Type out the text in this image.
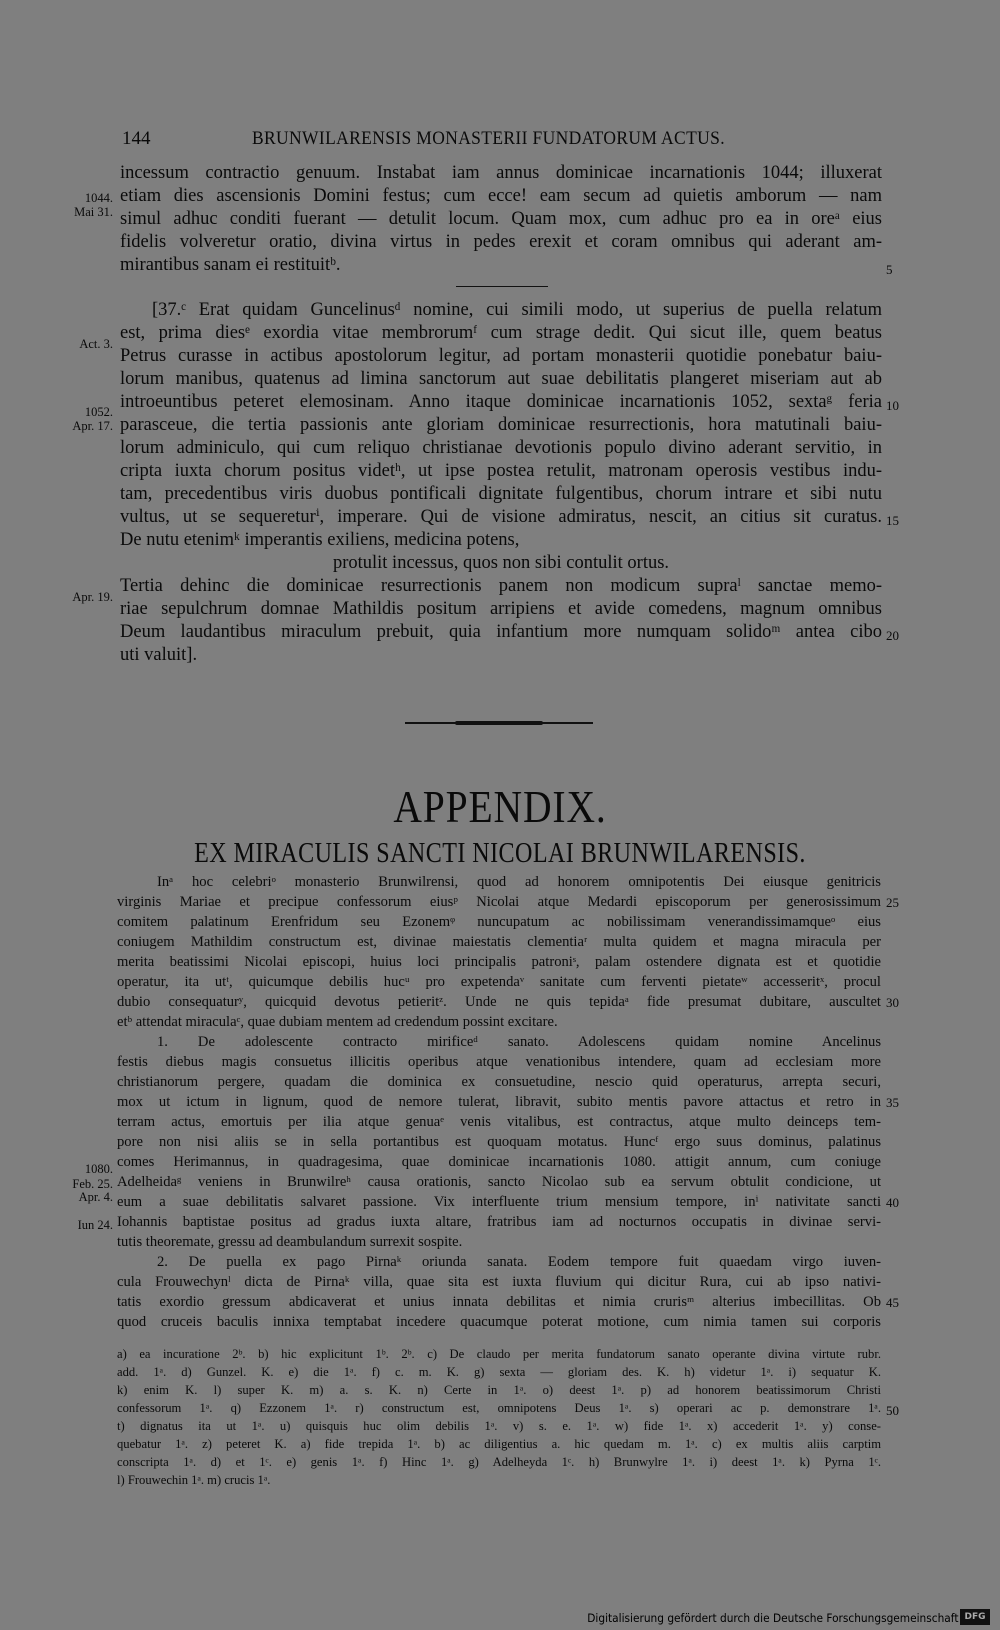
144	BRUNWILARENSIS MONASTERII FUNDATORUM ACTUS.
incessum contractio genuum. Instabat iam annus dominicae incarnationis 1044; illuxerat
etiam dies ascensionis Domini festus; cum ecce! eam secum ad quietis amborum — nam
simul adhuc conditi fuerant — detulit locum. Quam mox, cum adhuc pro ea in oreᵃ eius
fidelis volveretur oratio, divina virtus in pedes erexit et coram omnibus qui aderant am-
mirantibus sanam ei restituitᵇ.
[37.ᶜ Erat quidam Guncelinusᵈ nomine, cui simili modo, ut superius de puella relatum
est, prima diesᵉ exordia vitae membrorumᶠ cum strage dedit. Qui sicut ille, quem beatus
Petrus curasse in actibus apostolorum legitur, ad portam monasterii quotidie ponebatur baiu-
lorum manibus, quatenus ad limina sanctorum aut suae debilitatis plangeret miseriam aut ab
introeuntibus peteret elemosinam. Anno itaque dominicae incarnationis 1052, sextaᵍ feria
parasceue, die tertia passionis ante gloriam dominicae resurrectionis, hora matutinali baiu-
lorum adminiculo, qui cum reliquo christianae devotionis populo divino aderant servitio, in
cripta iuxta chorum positus videtʰ, ut ipse postea retulit, matronam operosis vestibus indu-
tam, precedentibus viris duobus pontificali dignitate fulgentibus, chorum intrare et sibi nutu
vultus, ut se sequereturⁱ, imperare. Qui de visione admiratus, nescit, an citius sit curatus.
De nutu etenimᵏ imperantis exiliens, medicina potens,
protulit incessus, quos non sibi contulit ortus.
Tertia dehinc die dominicae resurrectionis panem non modicum supraˡ sanctae memo-
riae sepulchrum domnae Mathildis positum arripiens et avide comedens, magnum omnibus
Deum laudantibus miraculum prebuit, quia infantium more numquam solidoᵐ antea cibo
uti valuit].
APPENDIX.
EX MIRACULIS SANCTI NICOLAI BRUNWILARENSIS.
Inᵃ hoc celebriᵒ monasterio Brunwilrensi, quod ad honorem omnipotentis Dei eiusque genitricis
virginis Mariae et precipue confessorum eiusᵖ Nicolai atque Medardi episcoporum per generosissimum
comitem palatinum Erenfridum seu Ezonemᵠ nuncupatum ac nobilissimam venerandissimamqueᵒ eius
coniugem Mathildim constructum est, divinae maiestatis clementiaʳ multa quidem et magna miracula per
merita beatissimi Nicolai episcopi, huius loci principalis patroniˢ, palam ostendere dignata est et quotidie
operatur, ita utᵗ, quicumque debilis hucᵘ pro expetendaᵛ sanitate cum ferventi pietateʷ accesseritˣ, procul
dubio consequaturʸ, quicquid devotus petieritᶻ. Unde ne quis tepidaᵃ fide presumat dubitare, auscultet
etᵇ attendat miraculaᶜ, quae dubiam mentem ad credendum possint excitare.
1. De adolescente contracto mirificeᵈ sanato. Adolescens quidam nomine Ancelinus
festis diebus magis consuetus illicitis operibus atque venationibus intendere, quam ad ecclesiam more
christianorum pergere, quadam die dominica ex consuetudine, nescio quid operaturus, arrepta securi,
mox ut ictum in lignum, quod de nemore tulerat, libravit, subito mentis pavore attactus et retro in
terram actus, emortuis per ilia atque genuaᵉ venis vitalibus, est contractus, atque multo deinceps tem-
pore non nisi aliis se in sella portantibus est quoquam motatus. Huncᶠ ergo suus dominus, palatinus
comes Herimannus, in quadragesima, quae dominicae incarnationis 1080. attigit annum, cum coniuge
Adelheidaᵍ veniens in Brunwilreʰ causa orationis, sancto Nicolao sub ea servum obtulit condicione, ut
eum a suae debilitatis salvaret passione. Vix interfluente trium mensium tempore, inⁱ nativitate sancti
Iohannis baptistae positus ad gradus iuxta altare, fratribus iam ad nocturnos occupatis in divinae servi-
tutis theoremate, gressu ad deambulandum surrexit sospite.
2. De puella ex pago Pirnaᵏ oriunda sanata. Eodem tempore fuit quaedam virgo iuven-
cula Frouwechynˡ dicta de Pirnaᵏ villa, quae sita est iuxta fluvium qui dicitur Rura, cui ab ipso nativi-
tatis exordio gressum abdicaverat et unius innata debilitas et nimia crurisᵐ alterius imbecillitas. Ob
quod cruceis baculis innixa temptabat incedere quacumque poterat motione, cum nimia tamen sui corporis
a) ea incuratione 2ᵇ. b) hic explicitunt 1ᵇ. 2ᵇ. c) De claudo per merita fundatorum sanato operante divina virtute rubr.
add. 1ᵃ. d) Gunzel. K. e) die 1ᵃ. f) c. m. K. g) sexta — gloriam des. K. h) videtur 1ᵃ. i) sequatur K.
k) enim K. l) super K. m) a. s. K. n) Certe in 1ᵃ. o) deest 1ᵃ. p) ad honorem beatissimorum Christi
confessorum 1ᵃ. q) Ezzonem 1ᵃ. r) constructum est, omnipotens Deus 1ᵃ. s) operari ac p. demonstrare 1ᵃ.
t) dignatus ita ut 1ᵃ. u) quisquis huc olim debilis 1ᵃ. v) s. e. 1ᵃ. w) fide 1ᵃ. x) accederit 1ᵃ. y) conse-
quebatur 1ᵃ. z) peteret K. a) fide trepida 1ᵃ. b) ac diligentius a. hic quedam m. 1ᵃ. c) ex multis aliis carptim
conscripta 1ᵃ. d) et 1ᶜ. e) genis 1ᵃ. f) Hinc 1ᵃ. g) Adelheyda 1ᶜ. h) Brunwylre 1ᵃ. i) deest 1ᵃ. k) Pyrna 1ᶜ.
l) Frouwechin 1ᵃ. m) crucis 1ᵃ.
1044.
Mai 31.
Act. 3.
1052.
Apr. 17.
Apr. 19.
1080.
Feb. 25.
Apr. 4.
Iun 24.
5
10
15
20
25
30
35
40
45
50
Digitalisierung gefördert durch die Deutsche Forschungsgemeinschaft DFG
